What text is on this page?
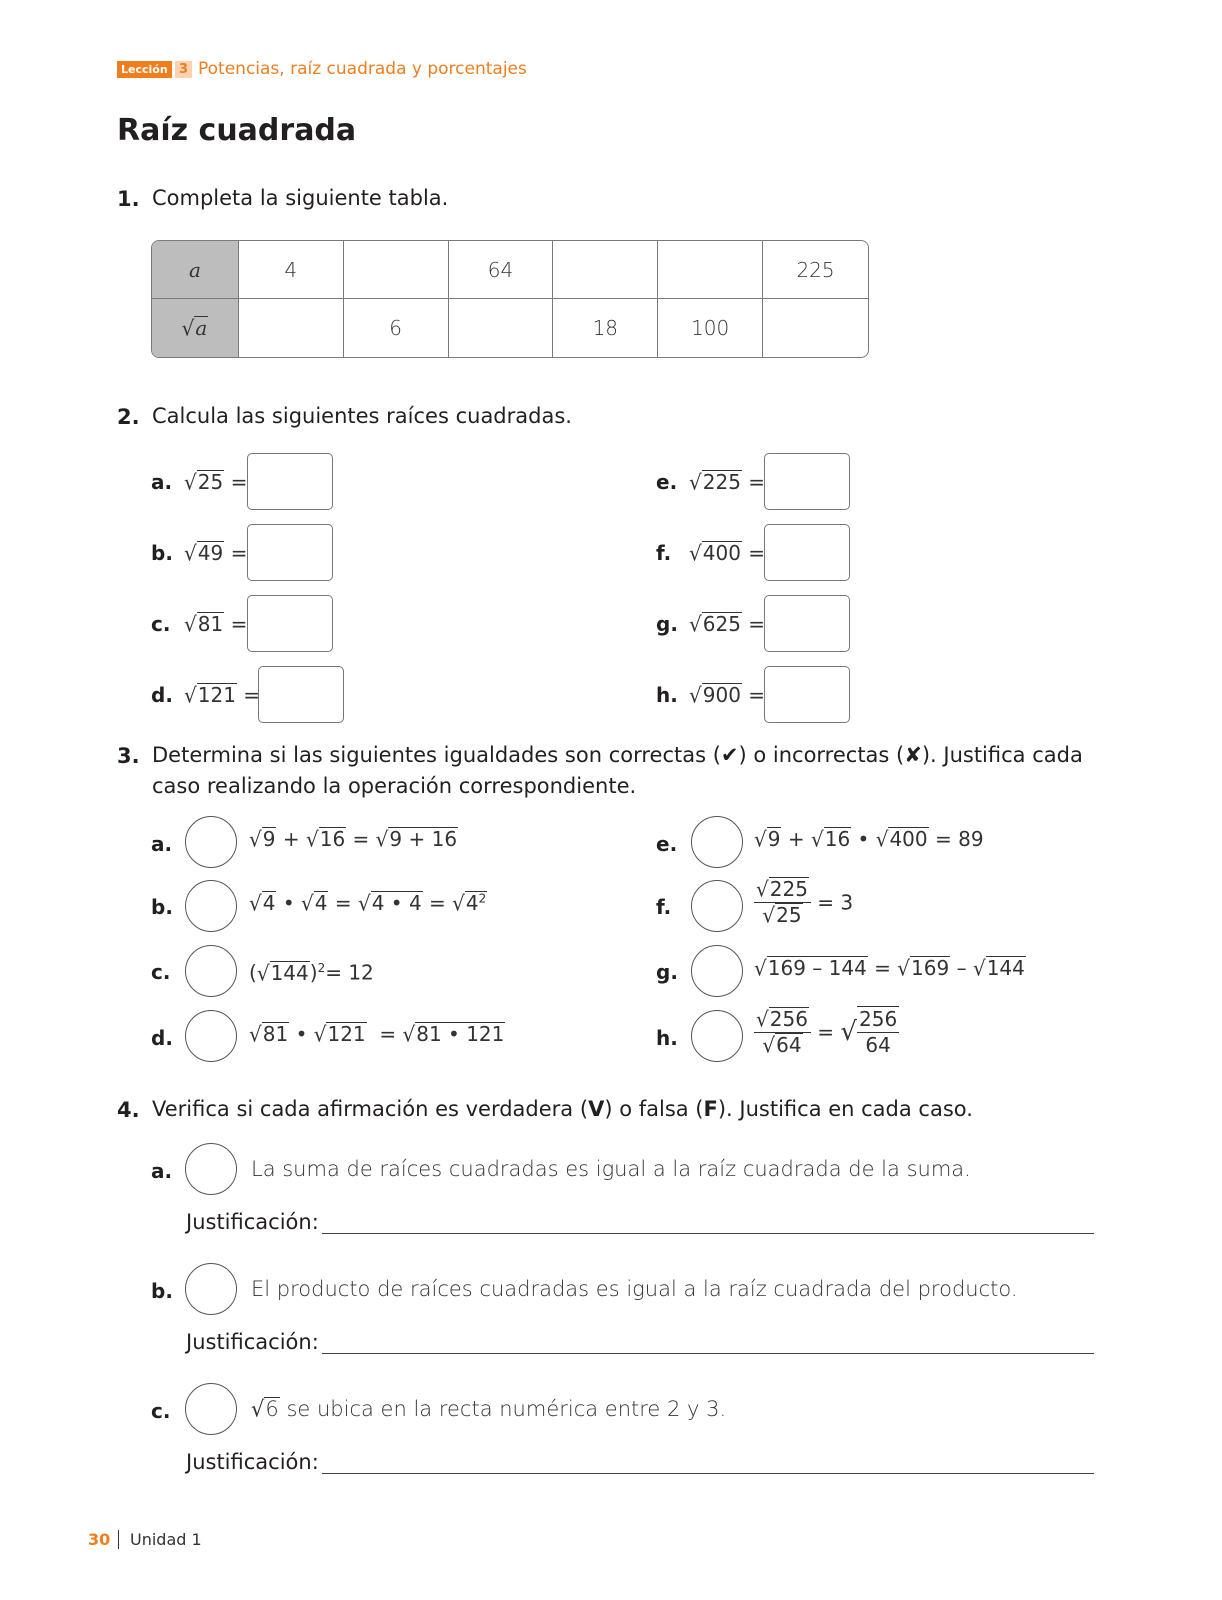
Lección 3 Potencias, raíz cuadrada y porcentajes
Raíz cuadrada
1. Completa la siguiente tabla.
a	4		64			225
√a		6		18	100	
2. Calcula las siguientes raíces cuadradas.
a. √25 =
b. √49 =
c. √81 =
d. √121 =
e. √225 =
f. √400 =
g. √625 =
h. √900 =
3. Determina si las siguientes igualdades son correctas (✔) o incorrectas (✘). Justifica cada caso realizando la operación correspondiente.
a.	√9 + √16 = √9 + 16
b.	√4 • √4 = √4 • $4 = √4^2$
c.	$(√144)^2= 12$
d.	√81 • √121 = √81 • 121
e.	√9 + √16 • √400 = 89
f.	$\frac{√225}{√25} = 3$
g.	√169 – 144 = √169 – √144
h.	$\frac{√256}{√64}$ = √ $\frac{256}{64}$
4. Verifica si cada afirmación es verdadera (V) o falsa (F). Justifica en cada caso.
a.	La suma de raíces cuadradas es igual a la raíz cuadrada de la suma.
Justificación:
b.	El producto de raíces cuadradas es igual a la raíz cuadrada del producto.
Justificación:
c.	√6 se ubica en la recta numérica entre 2 y 3.
Justificación:
30 Unidad 1
